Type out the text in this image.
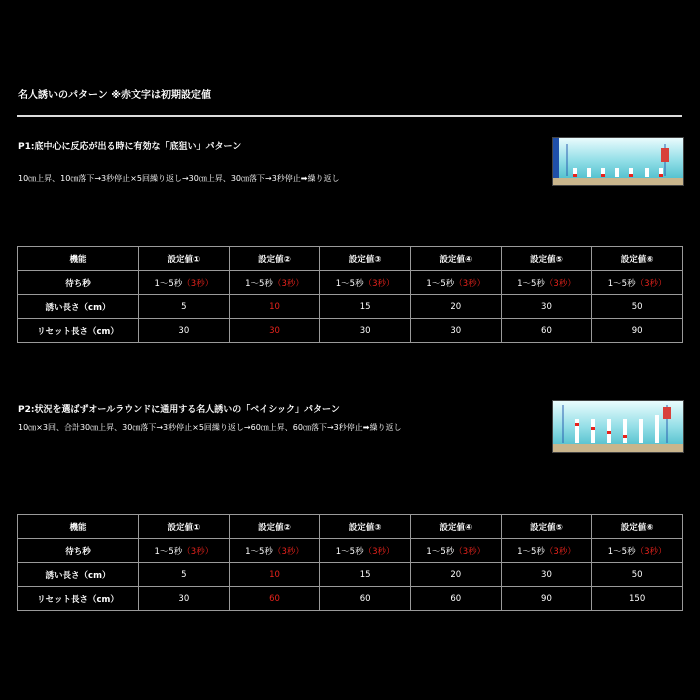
名人誘いのパターン ※赤文字は初期設定値
P1:底中心に反応が出る時に有効な「底狙い」パターン
10㎝上昇、10㎝落下→3秒停止×5回繰り返し→30㎝上昇、30㎝落下→3秒停止➡繰り返し
機能	設定値①	設定値②	設定値③	設定値④	設定値⑤	設定値⑥
待ち秒	1〜5秒（3秒）	1〜5秒（3秒）	1〜5秒（3秒）	1〜5秒（3秒）	1〜5秒（3秒）	1〜5秒（3秒）
誘い長さ（cm）	5	10	15	20	30	50
リセット長さ（cm）	30	30	30	30	60	90
P2:状況を選ばずオールラウンドに通用する名人誘いの「ベイシック」パターン
10㎝×3回、合計30㎝上昇、30㎝落下→3秒停止×5回繰り返し→60㎝上昇、60㎝落下→3秒停止➡繰り返し
機能	設定値①	設定値②	設定値③	設定値④	設定値⑤	設定値⑥
待ち秒	1〜5秒（3秒）	1〜5秒（3秒）	1〜5秒（3秒）	1〜5秒（3秒）	1〜5秒（3秒）	1〜5秒（3秒）
誘い長さ（cm）	5	10	15	20	30	50
リセット長さ（cm）	30	60	60	60	90	150
